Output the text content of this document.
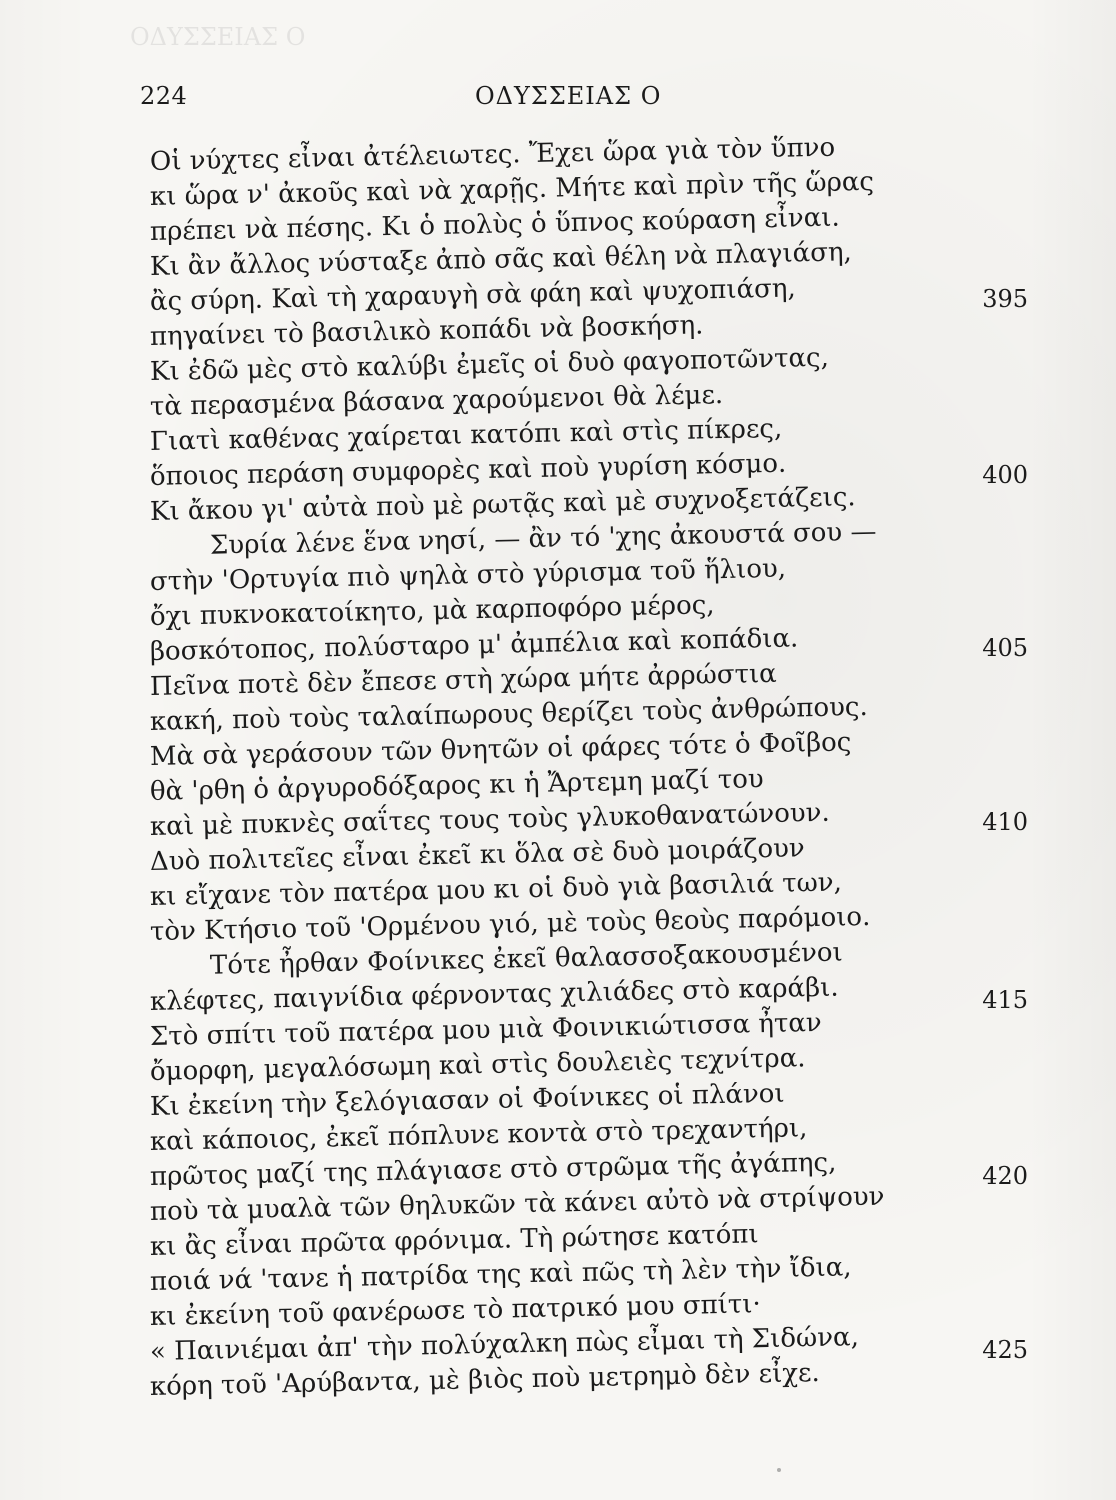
ΟΔΥΣΣΕΙΑΣ Ο
224	ΟΔΥΣΣΕΙΑΣ Ο
Οἱ νύχτες εἶναι ἀτέλειωτες. Ἔχει ὥρα γιὰ τὸν ὕπνο
κι ὥρα ν' ἀκοῦς καὶ νὰ χαρῇς. Μήτε καὶ πρὶν τῆς ὥρας
πρέπει νὰ πέσης. Κι ὁ πολὺς ὁ ὕπνος κούραση εἶναι.
Κι ἂν ἄλλος νύσταξε ἀπὸ σᾶς καὶ θέλη νὰ πλαγιάση,
ἂς σύρη. Καὶ τὴ χαραυγὴ σὰ φάη καὶ ψυχοπιάση,
πηγαίνει τὸ βασιλικὸ κοπάδι νὰ βοσκήση.
Κι ἐδῶ μὲς στὸ καλύβι ἐμεῖς οἱ δυὸ φαγοποτῶντας,
τὰ περασμένα βάσανα χαρούμενοι θὰ λέμε.
Γιατὶ καθένας χαίρεται κατόπι καὶ στὶς πίκρες,
ὅποιος περάση συμφορὲς καὶ ποὺ γυρίση κόσμο.
Κι ἄκου γι' αὐτὰ ποὺ μὲ ρωτᾷς καὶ μὲ συχνοξετάζεις.
Συρία λένε ἕνα νησί, — ἂν τό 'χης ἀκουστά σου —
στὴν 'Ορτυγία πιὸ ψηλὰ στὸ γύρισμα τοῦ ἥλιου,
ὄχι πυκνοκατοίκητο, μὰ καρποφόρο μέρος,
βοσκότοπος, πολύσταρο μ' ἀμπέλια καὶ κοπάδια.
Πεῖνα ποτὲ δὲν ἔπεσε στὴ χώρα μήτε ἀρρώστια
κακή, ποὺ τοὺς ταλαίπωρους θερίζει τοὺς ἀνθρώπους.
Μὰ σὰ γεράσουν τῶν θνητῶν οἱ φάρες τότε ὁ Φοῖβος
θὰ 'ρθη ὁ ἀργυροδόξαρος κι ἡ Ἄρτεμη μαζί του
καὶ μὲ πυκνὲς σαΐτες τους τοὺς γλυκοθανατώνουν.
Δυὸ πολιτεῖες εἶναι ἐκεῖ κι ὅλα σὲ δυὸ μοιράζουν
κι εἴχανε τὸν πατέρα μου κι οἱ δυὸ γιὰ βασιλιά των,
τὸν Κτήσιο τοῦ 'Ορμένου γιό, μὲ τοὺς θεοὺς παρόμοιο.
Τότε ἦρθαν Φοίνικες ἐκεῖ θαλασσοξακουσμένοι
κλέφτες, παιγνίδια φέρνοντας χιλιάδες στὸ καράβι.
Στὸ σπίτι τοῦ πατέρα μου μιὰ Φοινικιώτισσα ἦταν
ὄμορφη, μεγαλόσωμη καὶ στὶς δουλειὲς τεχνίτρα.
Κι ἐκείνη τὴν ξελόγιασαν οἱ Φοίνικες οἱ πλάνοι
καὶ κάποιος, ἐκεῖ πόπλυνε κοντὰ στὸ τρεχαντήρι,
πρῶτος μαζί της πλάγιασε στὸ στρῶμα τῆς ἀγάπης,
ποὺ τὰ μυαλὰ τῶν θηλυκῶν τὰ κάνει αὐτὸ νὰ στρίψουν
κι ἂς εἶναι πρῶτα φρόνιμα. Τὴ ρώτησε κατόπι
ποιά νά 'τανε ἡ πατρίδα της καὶ πῶς τὴ λὲν τὴν ἴδια,
κι ἐκείνη τοῦ φανέρωσε τὸ πατρικό μου σπίτι·
« Παινιέμαι ἀπ' τὴν πολύχαλκη πὼς εἶμαι τὴ Σιδώνα,
κόρη τοῦ 'Αρύβαντα, μὲ βιὸς ποὺ μετρημὸ δὲν εἶχε.
395
400
405
410
415
420
425
